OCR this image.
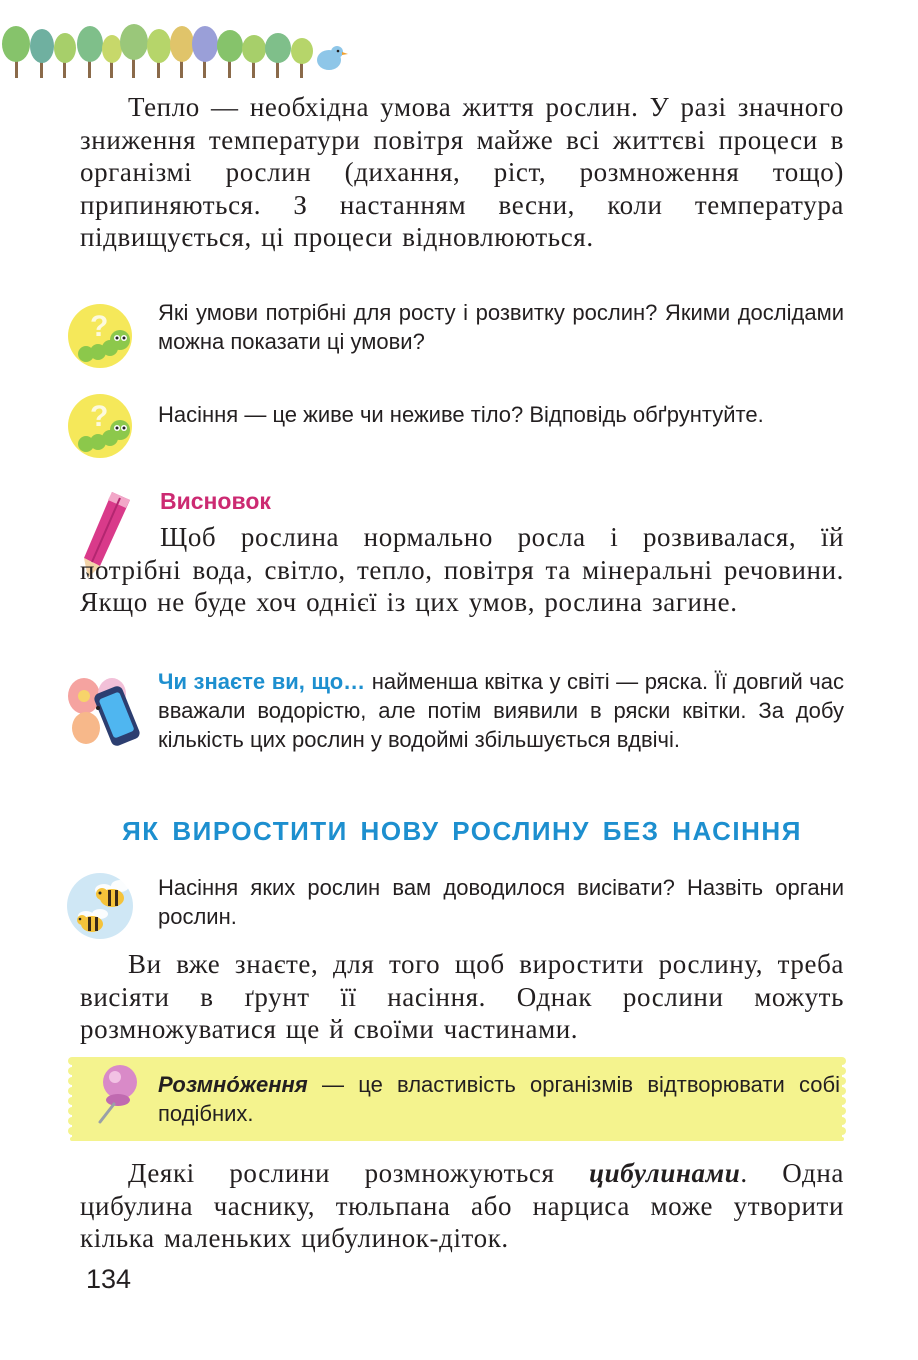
Тепло — необхідна умова життя рослин. У разі значного зниження температури повітря майже всі життєві процеси в організмі рослин (дихання, ріст, розмноження тощо) припиняються. З настанням весни, коли температура підвищується, ці процеси відновлюються.
? Які умови потрібні для росту і розвитку рослин? Якими дослідами можна показати ці умови?
? Насіння — це живе чи неживе тіло? Відповідь обґрунтуйте.
Висновок
Щоб рослина нормально росла і розвивалася, їй потрібні вода, світло, тепло, повітря та мінеральні речовини. Якщо не буде хоч однієї із цих умов, рослина загине.
Чи знаєте ви, що… найменша квітка у світі — ряска. Її довгий час вважали водорістю, але потім виявили в ряски квітки. За добу кількість цих рослин у водоймі збільшується вдвічі.
ЯК ВИРОСТИТИ НОВУ РОСЛИНУ БЕЗ НАСІННЯ
Насіння яких рослин вам доводилося висівати? Назвіть органи рослин.
Ви вже знаєте, для того щоб виростити рослину, треба висіяти в ґрунт її насіння. Однак рослини можуть розмножуватися ще й своїми частинами.
Розмно́ження — це властивість організмів відтворювати собі подібних.
Деякі рослини розмножуються цибулинами. Одна цибулина часнику, тюльпана або нарциса може утворити кілька маленьких цибулинок-діток.
134
